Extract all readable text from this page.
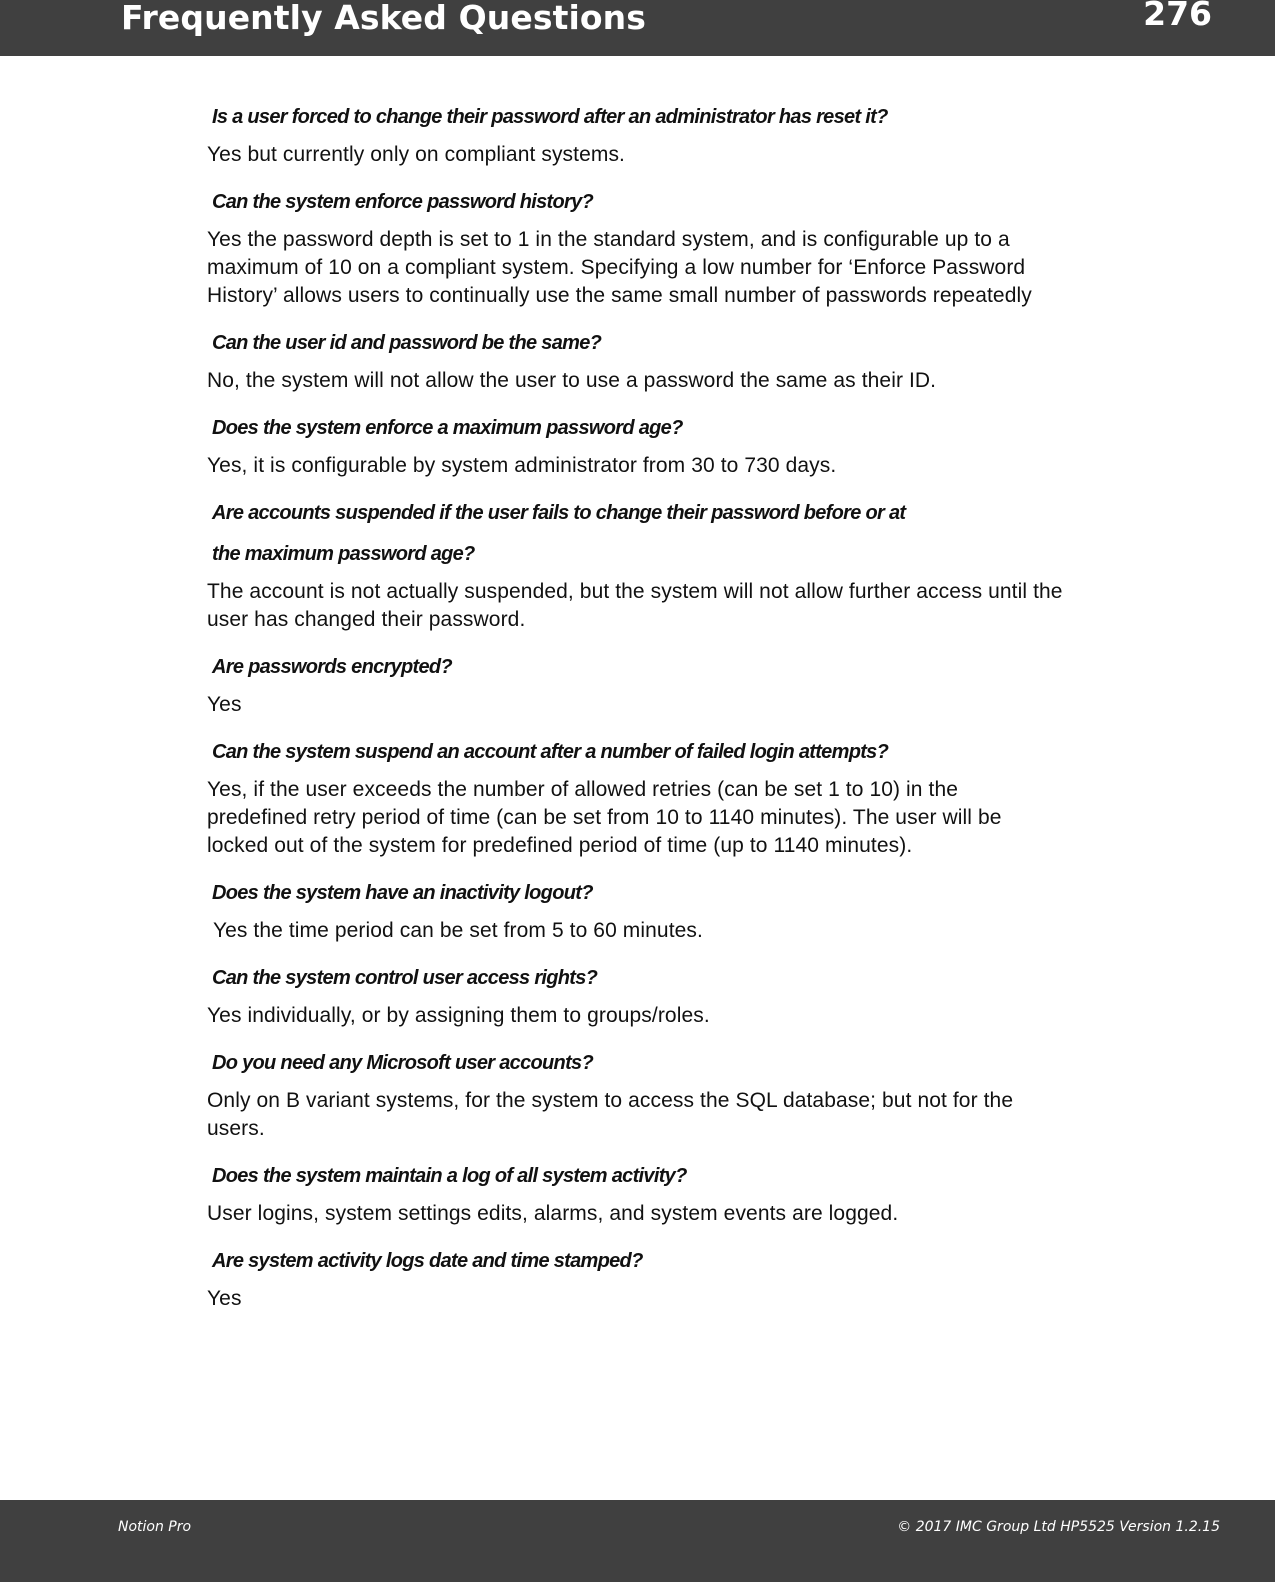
Frequently Asked Questions	276
Is a user forced to change their password after an administrator has reset it?
Yes but currently only on compliant systems.
Can the system enforce password history?
Yes the password depth is set to 1 in the standard system, and is configurable up to a
maximum of 10 on a compliant system. Specifying a low number for ‘Enforce Password
History’ allows users to continually use the same small number of passwords repeatedly
Can the user id and password be the same?
No, the system will not allow the user to use a password the same as their ID.
Does the system enforce a maximum password age?
Yes, it is configurable by system administrator from 30 to 730 days.
Are accounts suspended if the user fails to change their password before or at
the maximum password age?
The account is not actually suspended, but the system will not allow further access until the
user has changed their password.
Are passwords encrypted?
Yes
Can the system suspend an account after a number of failed login attempts?
Yes, if the user exceeds the number of allowed retries (can be set 1 to 10) in the
predefined retry period of time (can be set from 10 to 1140 minutes). The user will be
locked out of the system for predefined period of time (up to 1140 minutes).
Does the system have an inactivity logout?
Yes the time period can be set from 5 to 60 minutes.
Can the system control user access rights?
Yes individually, or by assigning them to groups/roles.
Do you need any Microsoft user accounts?
Only on B variant systems, for the system to access the SQL database; but not for the
users.
Does the system maintain a log of all system activity?
User logins, system settings edits, alarms, and system events are logged.
Are system activity logs date and time stamped?
Yes
Notion Pro	© 2017 IMC Group Ltd HP5525 Version 1.2.15
